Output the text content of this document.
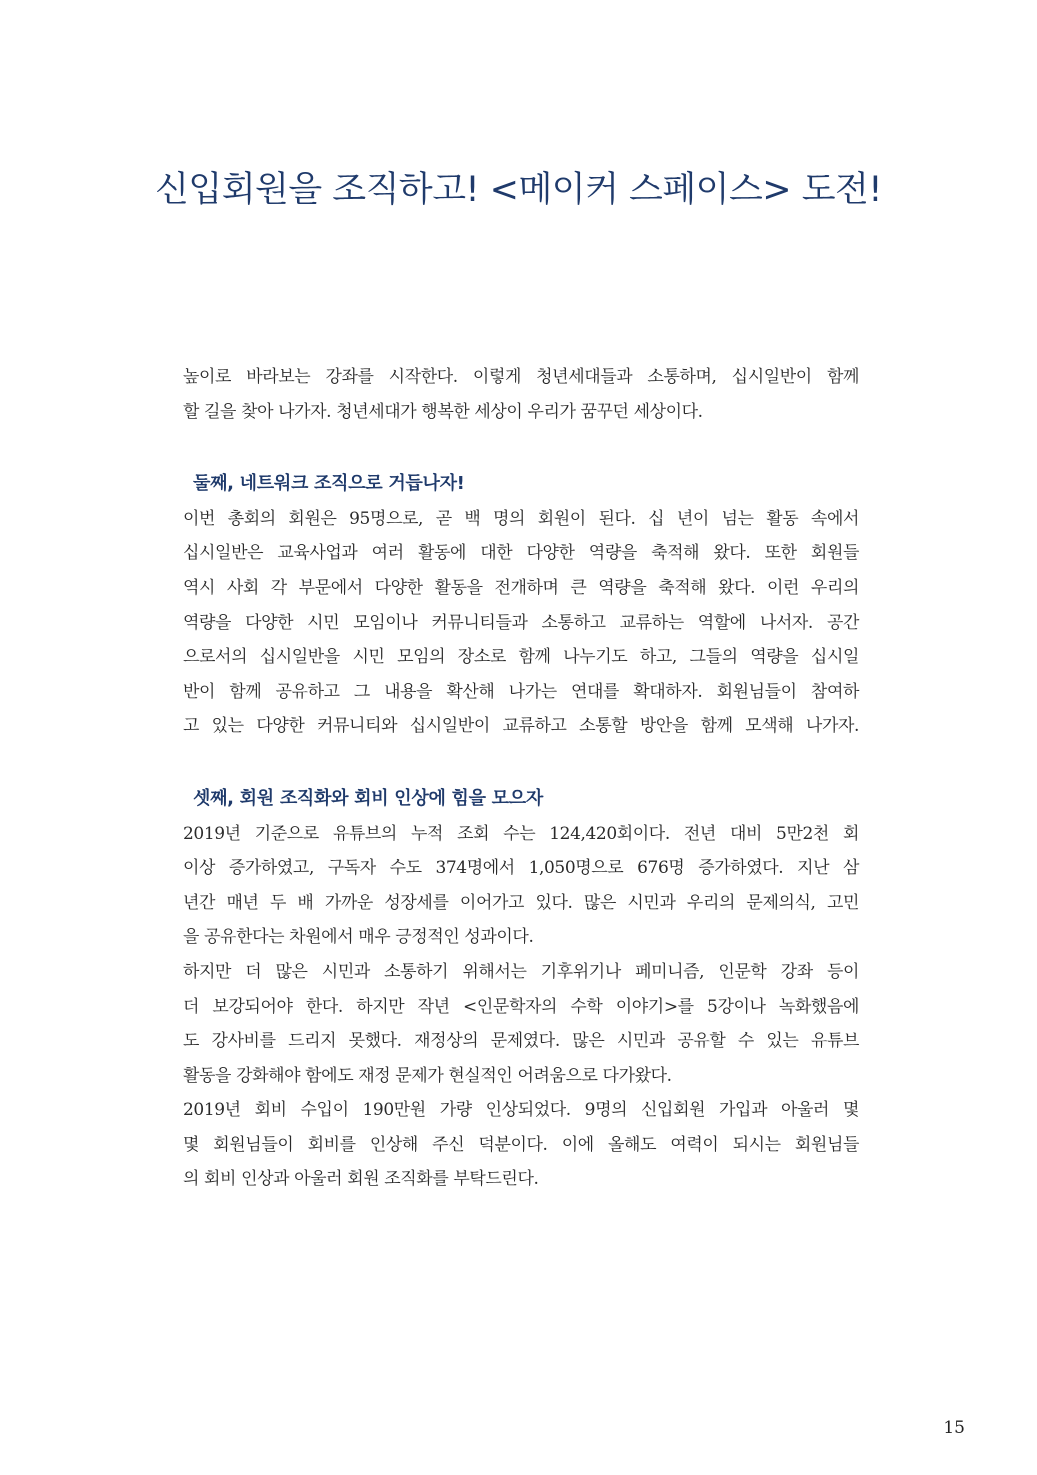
신입회원을 조직하고! <메이커 스페이스> 도전!

높이로 바라보는 강좌를 시작한다. 이렇게 청년세대들과 소통하며, 십시일반이 함께
할 길을 찾아 나가자. 청년세대가 행복한 세상이 우리가 꿈꾸던 세상이다.

둘째, 네트워크 조직으로 거듭나자!

이번 총회의 회원은 95명으로, 곧 백 명의 회원이 된다. 십 년이 넘는 활동 속에서
십시일반은 교육사업과 여러 활동에 대한 다양한 역량을 축적해 왔다. 또한 회원들
역시 사회 각 부문에서 다양한 활동을 전개하며 큰 역량을 축적해 왔다. 이런 우리의
역량을 다양한 시민 모임이나 커뮤니티들과 소통하고 교류하는 역할에 나서자. 공간
으로서의 십시일반을 시민 모임의 장소로 함께 나누기도 하고, 그들의 역량을 십시일
반이 함께 공유하고 그 내용을 확산해 나가는 연대를 확대하자. 회원님들이 참여하
고 있는 다양한 커뮤니티와 십시일반이 교류하고 소통할 방안을 함께 모색해 나가자.

셋째, 회원 조직화와 회비 인상에 힘을 모으자

2019년 기준으로 유튜브의 누적 조회 수는 124,420회이다. 전년 대비 5만2천 회
이상 증가하였고, 구독자 수도 374명에서 1,050명으로 676명 증가하였다. 지난 삼
년간 매년 두 배 가까운 성장세를 이어가고 있다. 많은 시민과 우리의 문제의식, 고민
을 공유한다는 차원에서 매우 긍정적인 성과이다.

하지만 더 많은 시민과 소통하기 위해서는 기후위기나 페미니즘, 인문학 강좌 등이
더 보강되어야 한다. 하지만 작년 <인문학자의 수학 이야기>를 5강이나 녹화했음에
도 강사비를 드리지 못했다. 재정상의 문제였다. 많은 시민과 공유할 수 있는 유튜브
활동을 강화해야 함에도 재정 문제가 현실적인 어려움으로 다가왔다.

2019년 회비 수입이 190만원 가량 인상되었다. 9명의 신입회원 가입과 아울러 몇
몇 회원님들이 회비를 인상해 주신 덕분이다. 이에 올해도 여력이 되시는 회원님들
의 회비 인상과 아울러 회원 조직화를 부탁드린다.

15
